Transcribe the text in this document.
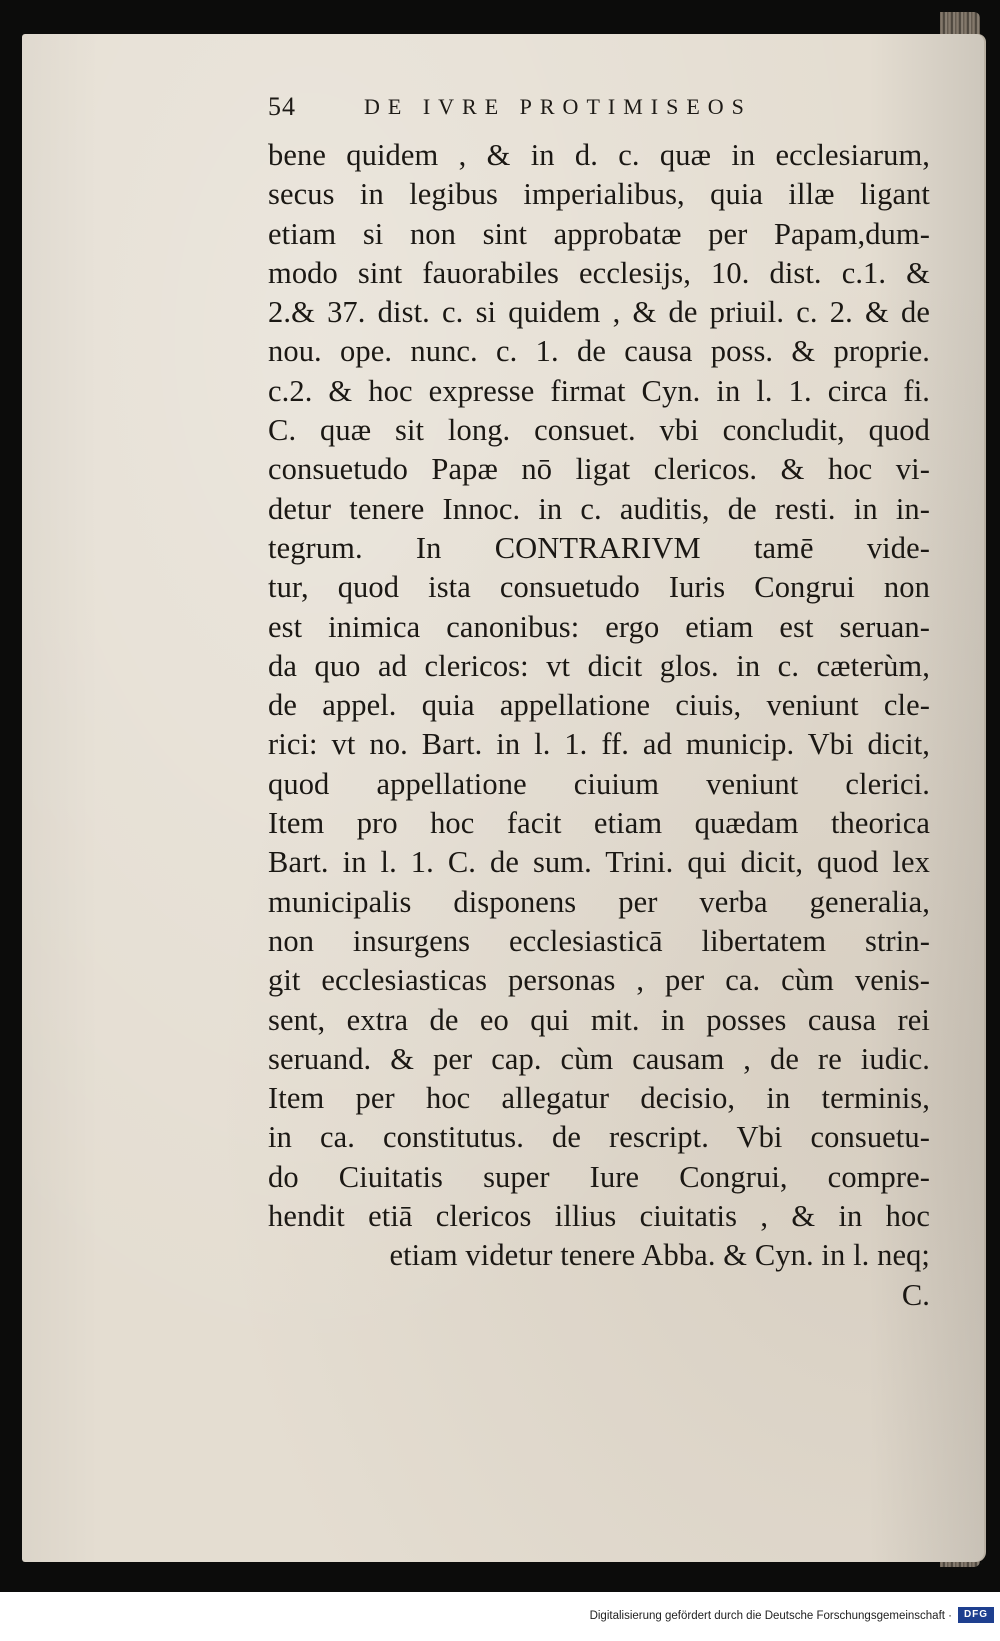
54	DE IVRE PROTIMISEOS
bene quidem , & in d. c. quæ in ecclesiarum,
secus in legibus imperialibus, quia illæ ligant
etiam si non sint approbatæ per Papam,dum-
modo sint fauorabiles ecclesijs, 10. dist. c.1. &
2.& 37. dist. c. si quidem , & de priuil. c. 2. & de
nou. ope. nunc. c. 1. de causa poss. & proprie.
c.2. & hoc expresse firmat Cyn. in l. 1. circa fi.
C. quæ sit long. consuet. vbi concludit, quod
consuetudo Papæ nō ligat clericos. & hoc vi-
detur tenere Innoc. in c. auditis, de resti. in in-
tegrum. In CONTRARIVM tamē vide-
tur, quod ista consuetudo Iuris Congrui non
est inimica canonibus: ergo etiam est seruan-
da quo ad clericos: vt dicit glos. in c. cæterùm,
de appel. quia appellatione ciuis, veniunt cle-
rici: vt no. Bart. in l. 1. ff. ad municip. Vbi dicit,
quod appellatione ciuium veniunt clerici.
Item pro hoc facit etiam quædam theorica
Bart. in l. 1. C. de sum. Trini. qui dicit, quod lex
municipalis disponens per verba generalia,
non insurgens ecclesiasticā libertatem strin-
git ecclesiasticas personas , per ca. cùm venis-
sent, extra de eo qui mit. in posses causa rei
seruand. & per cap. cùm causam , de re iudic.
Item per hoc allegatur decisio, in terminis,
in ca. constitutus. de rescript. Vbi consuetu-
do Ciuitatis super Iure Congrui, compre-
hendit etiā clericos illius ciuitatis , & in hoc
etiam videtur tenere Abba. & Cyn. in l. neq;
C.
Digitalisierung gefördert durch die Deutsche Forschungsgemeinschaft ·	DFG
